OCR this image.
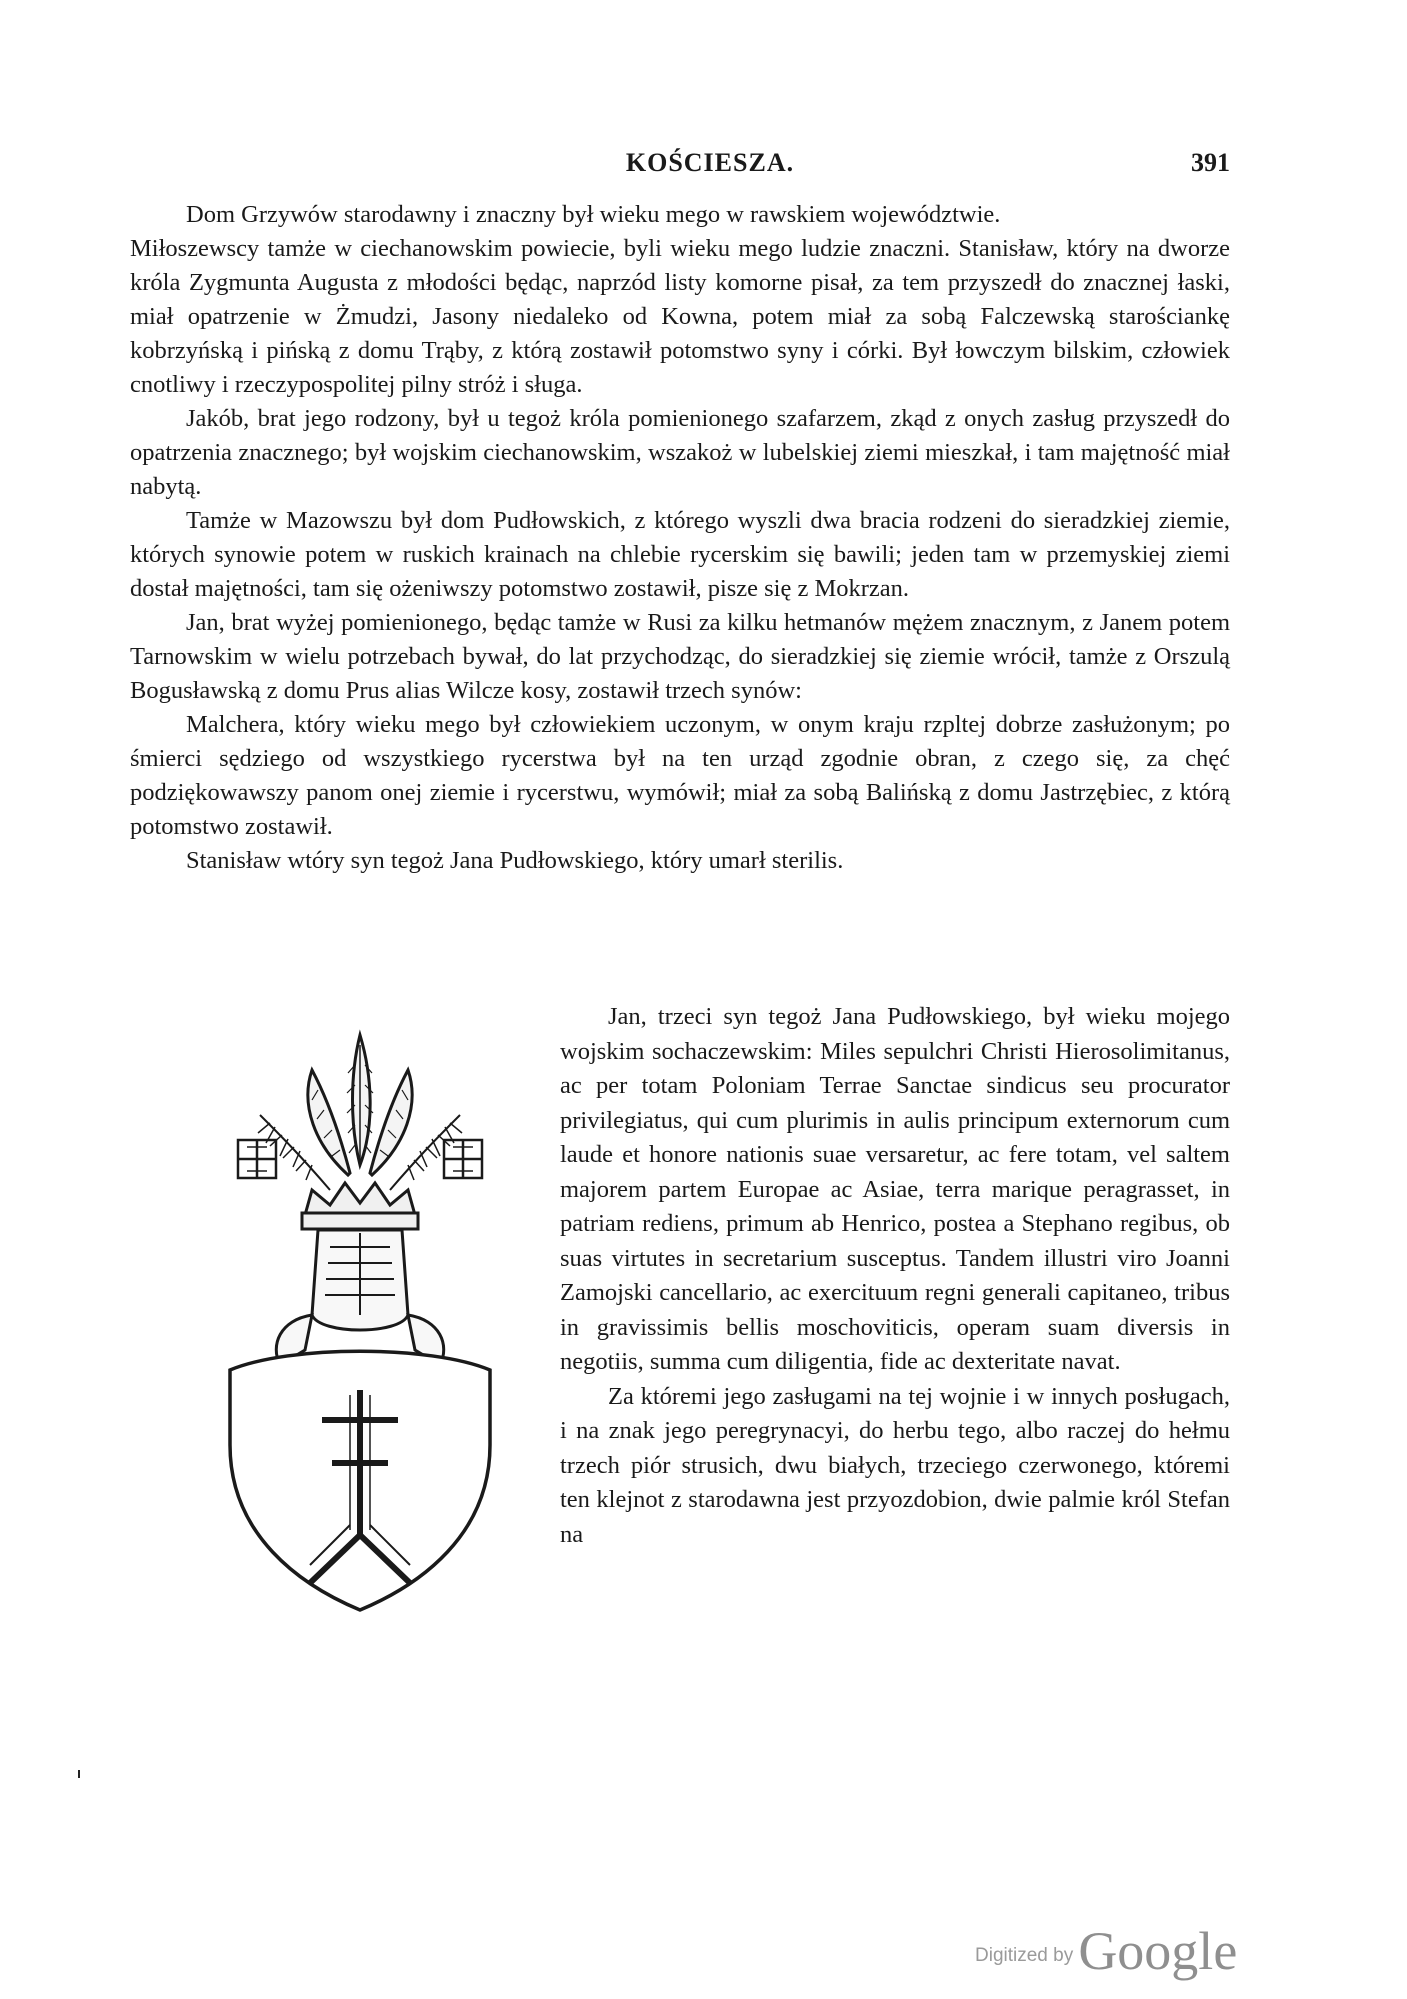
KOŚCIESZA.	391

Dom Grzywów starodawny i znaczny był wieku mego w rawskiem województwie.

Miłoszewscy tamże w ciechanowskim powiecie, byli wieku mego ludzie znaczni. Stanisław, który na dworze króla Zygmunta Augusta z młodości będąc, naprzód listy komorne pisał, za tem przyszedł do znacznej łaski, miał opatrzenie w Żmudzi, Jasony niedaleko od Kowna, potem miał za sobą Falczewską starościankę kobrzyńską i pińską z domu Trąby, z którą zostawił potomstwo syny i córki. Był łowczym bilskim, człowiek cnotliwy i rzeczypospolitej pilny stróż i sługa.

Jakób, brat jego rodzony, był u tegoż króla pomienionego szafarzem, zkąd z onych zasług przyszedł do opatrzenia znacznego; był wojskim ciechanowskim, wszakoż w lubelskiej ziemi mieszkał, i tam majętność miał nabytą.

Tamże w Mazowszu był dom Pudłowskich, z którego wyszli dwa bracia rodzeni do sieradzkiej ziemie, których synowie potem w ruskich krainach na chlebie rycerskim się bawili; jeden tam w przemyskiej ziemi dostał majętności, tam się ożeniwszy potomstwo zostawił, pisze się z Mokrzan.

Jan, brat wyżej pomienionego, będąc tamże w Rusi za kilku hetmanów mężem znacznym, z Janem potem Tarnowskim w wielu potrzebach bywał, do lat przychodząc, do sieradzkiej się ziemie wrócił, tamże z Orszulą Bogusławską z domu Prus alias Wilcze kosy, zostawił trzech synów:

Malchera, który wieku mego był człowiekiem uczonym, w onym kraju rzpltej dobrze zasłużonym; po śmierci sędziego od wszystkiego rycerstwa był na ten urząd zgodnie obran, z czego się, za chęć podziękowawszy panom onej ziemie i rycerstwu, wymówił; miał za sobą Balińską z domu Jastrzębiec, z którą potomstwo zostawił.

Stanisław wtóry syn tegoż Jana Pudłowskiego, który umarł sterilis.

Jan, trzeci syn tegoż Jana Pudłowskiego, był wieku mojego wojskim sochaczewskim: Miles sepulchri Christi Hierosolimitanus, ac per totam Poloniam Terrae Sanctae sindicus seu procurator privilegiatus, qui cum plurimis in aulis principum externorum cum laude et honore nationis suae versaretur, ac fere totam, vel saltem majorem partem Europae ac Asiae, terra marique peragrasset, in patriam rediens, primum ab Henrico, postea a Stephano regibus, ob suas virtutes in secretarium susceptus. Tandem illustri viro Joanni Zamojski cancellario, ac exercituum regni generali capitaneo, tribus in gravissimis bellis moschoviticis, operam suam diversis in negotiis, summa cum diligentia, fide ac dexteritate navat.

Za któremi jego zasługami na tej wojnie i w innych posługach, i na znak jego peregrynacyi, do herbu tego, albo raczej do hełmu trzech piór strusich, dwu białych, trzeciego czerwonego, któremi ten klejnot z starodawna jest przyozdobion, dwie palmie król Stefan na

Digitized by Google
